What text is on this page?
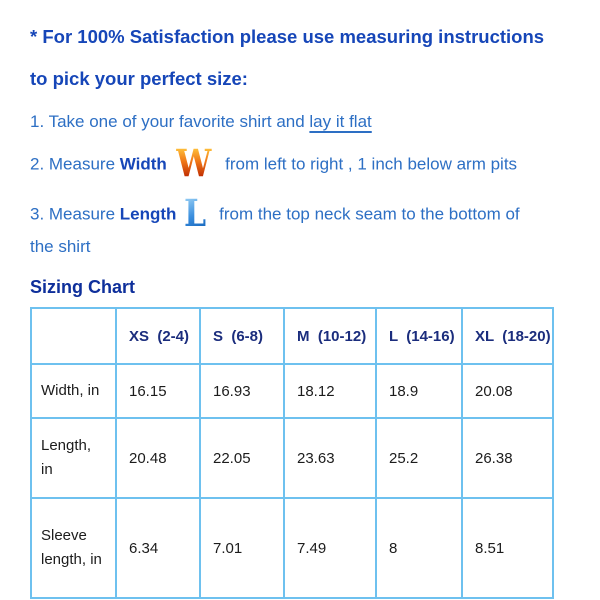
* For 100% Satisfaction please use measuring instructions
to pick your perfect size:
1. Take one of your favorite shirt and lay it flat
2. Measure Width W from left to right , 1 inch below arm pits
3. Measure Length L from the top neck seam to the bottom of
the shirt
Sizing Chart
	XS  (2-4)	S  (6-8)	M  (10-12)	L  (14-16)	XL  (18-20)
Width, in	16.15	16.93	18.12	18.9	20.08
Length, in	20.48	22.05	23.63	25.2	26.38
Sleeve length, in	6.34	7.01	7.49	8	8.51
